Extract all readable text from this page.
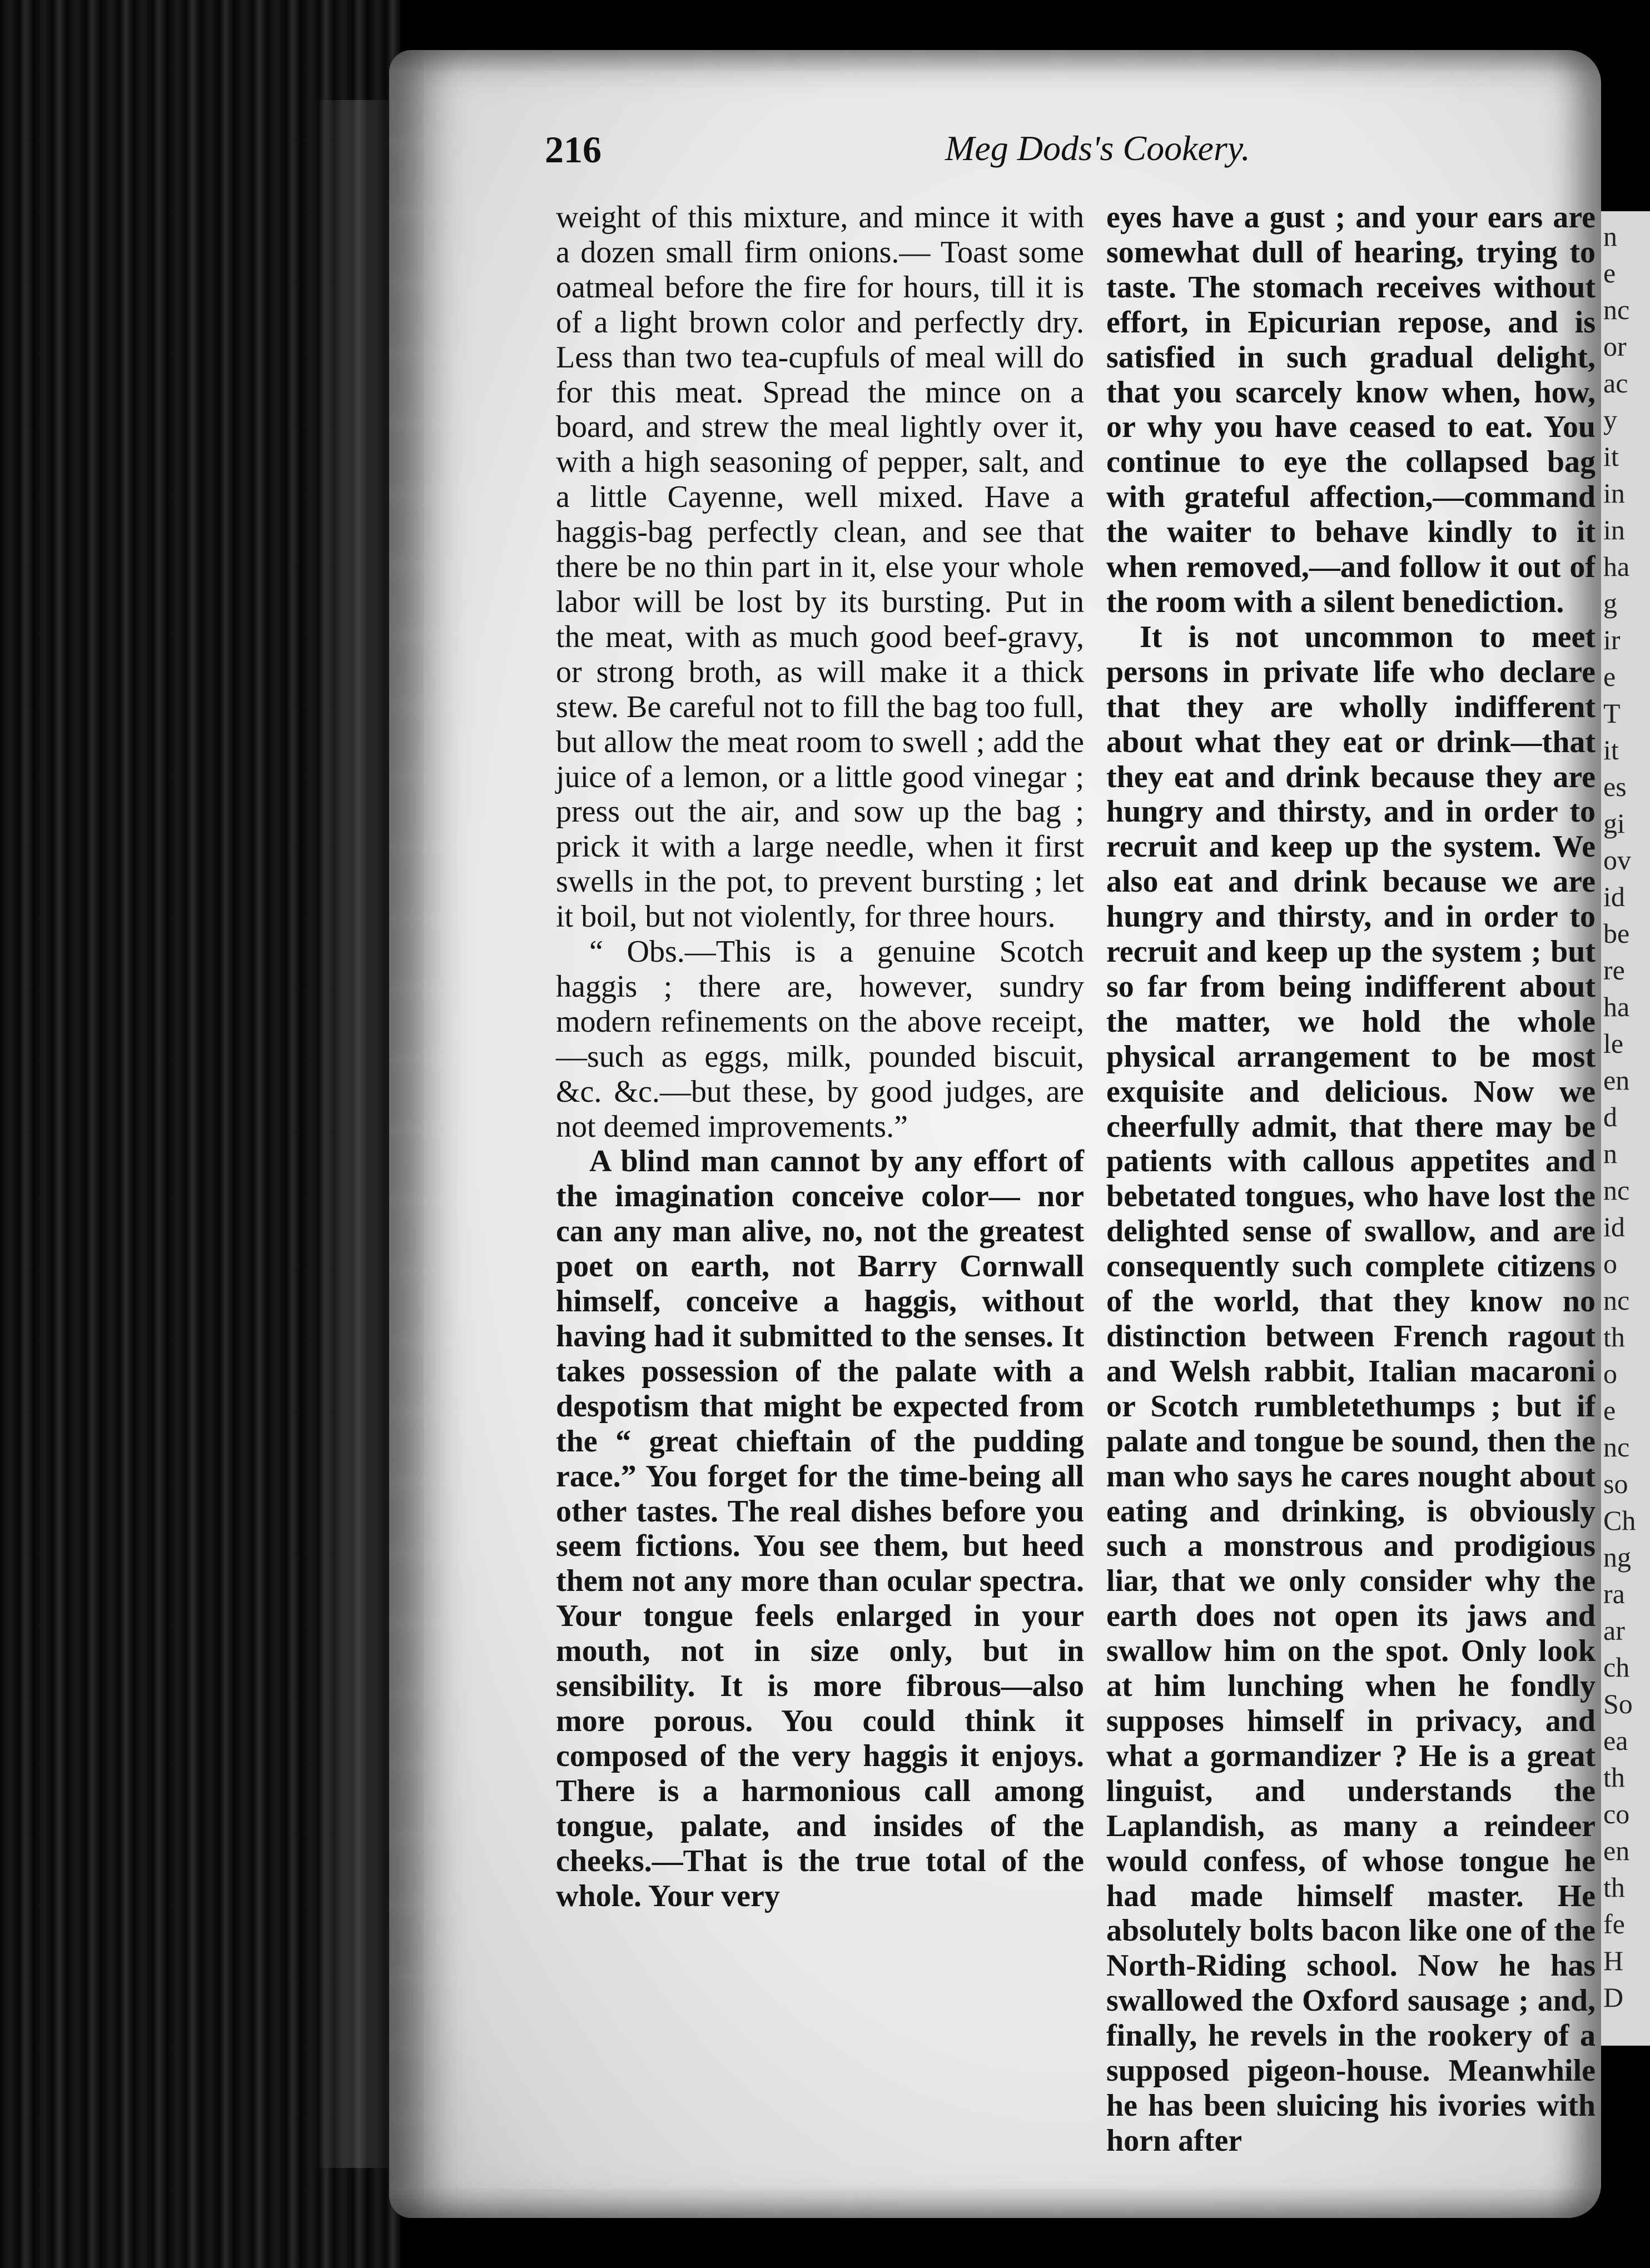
n
e
nc
or
ac
y
it
in
in
ha
g
ir
e
T
it
es
gi
ov
id
be
re
ha
le
en
d
n
nc
id
o
nc
th
o
e
nc
so
Ch
ng
ra
ar
ch
So
ea
th
co
en
th
fe
H
D
216	Meg Dods's Cookery.

weight of this mixture, and mince it with a dozen small firm onions.— Toast some oatmeal before the fire for hours, till it is of a light brown color and perfectly dry. Less than two tea-cupfuls of meal will do for this meat. Spread the mince on a board, and strew the meal lightly over it, with a high seasoning of pepper, salt, and a little Cayenne, well mixed. Have a haggis-bag perfectly clean, and see that there be no thin part in it, else your whole labor will be lost by its bursting. Put in the meat, with as much good beef-gravy, or strong broth, as will make it a thick stew. Be careful not to fill the bag too full, but allow the meat room to swell ; add the juice of a lemon, or a little good vinegar ; press out the air, and sow up the bag ; prick it with a large needle, when it first swells in the pot, to prevent bursting ; let it boil, but not violently, for three hours.

“ Obs.—This is a genuine Scotch haggis ; there are, however, sundry modern refinements on the above receipt,—such as eggs, milk, pounded biscuit, &c. &c.—but these, by good judges, are not deemed improvements.”

A blind man cannot by any effort of the imagination conceive color— nor can any man alive, no, not the greatest poet on earth, not Barry Cornwall himself, conceive a haggis, without having had it submitted to the senses. It takes possession of the palate with a despotism that might be expected from the “ great chieftain of the pudding race.” You forget for the time-being all other tastes. The real dishes before you seem fictions. You see them, but heed them not any more than ocular spectra. Your tongue feels enlarged in your mouth, not in size only, but in sensibility. It is more fibrous—also more porous. You could think it composed of the very haggis it enjoys. There is a harmonious call among tongue, palate, and insides of the cheeks.—That is the true total of the whole. Your very

eyes have a gust ; and your ears are somewhat dull of hearing, trying to taste. The stomach receives without effort, in Epicurian repose, and is satisfied in such gradual delight, that you scarcely know when, how, or why you have ceased to eat. You continue to eye the collapsed bag with grateful affection,—command the waiter to behave kindly to it when removed,—and follow it out of the room with a silent benediction.

It is not uncommon to meet persons in private life who declare that they are wholly indifferent about what they eat or drink—that they eat and drink because they are hungry and thirsty, and in order to recruit and keep up the system. We also eat and drink because we are hungry and thirsty, and in order to recruit and keep up the system ; but so far from being indifferent about the matter, we hold the whole physical arrangement to be most exquisite and delicious. Now we cheerfully admit, that there may be patients with callous appetites and bebetated tongues, who have lost the delighted sense of swallow, and are consequently such complete citizens of the world, that they know no distinction between French ragout and Welsh rabbit, Italian macaroni or Scotch rumbletethumps ; but if palate and tongue be sound, then the man who says he cares nought about eating and drinking, is obviously such a monstrous and prodigious liar, that we only consider why the earth does not open its jaws and swallow him on the spot. Only look at him lunching when he fondly supposes himself in privacy, and what a gormandizer ? He is a great linguist, and understands the Laplandish, as many a reindeer would confess, of whose tongue he had made himself master. He absolutely bolts bacon like one of the North-Riding school. Now he has swallowed the Oxford sausage ; and, finally, he revels in the rookery of a supposed pigeon-house. Meanwhile he has been sluicing his ivories with horn after
